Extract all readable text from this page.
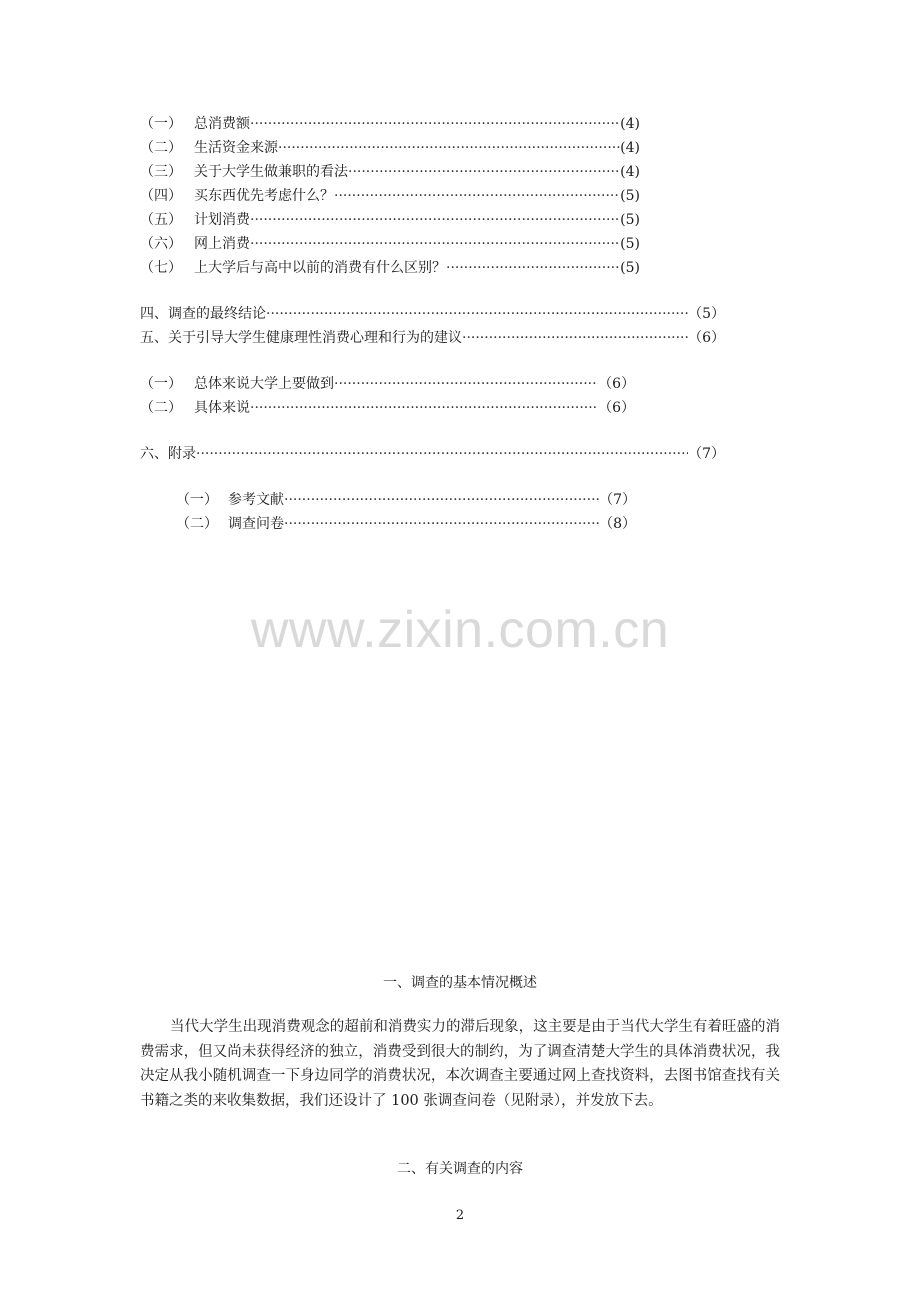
（一） 总消费额 ·····	(4)
（二） 生活资金来源 ·····	(4)
（三） 关于大学生做兼职的看法 ·····	(4)
（四） 买东西优先考虑什么？ ·····	(5)
（五） 计划消费 ·····	(5)
（六） 网上消费 ·····	(5)
（七） 上大学后与高中以前的消费有什么区别？ ·····	(5)
四、调查的最终结论 ·····	（5）
五、关于引导大学生健康理性消费心理和行为的建议 ·····	（6）
（一） 总体来说大学上要做到 ·····	（6）
（二） 具体来说 ·····	（6）
六、附录 ·····	（7）
（一） 参考文献 ·····	（7）
（二） 调查问卷 ·····	（8）
www.zixin.com.cn
一、调查的基本情况概述
当代大学生出现消费观念的超前和消费实力的滞后现象，这主要是由于当代大学生有着旺盛的消费需求，但又尚未获得经济的独立，消费受到很大的制约，为了调查清楚大学生的具体消费状况，我决定从我小随机调查一下身边同学的消费状况，本次调查主要通过网上查找资料，去图书馆查找有关书籍之类的来收集数据，我们还设计了 100 张调查问卷（见附录），并发放下去。
二、有关调查的内容
2
